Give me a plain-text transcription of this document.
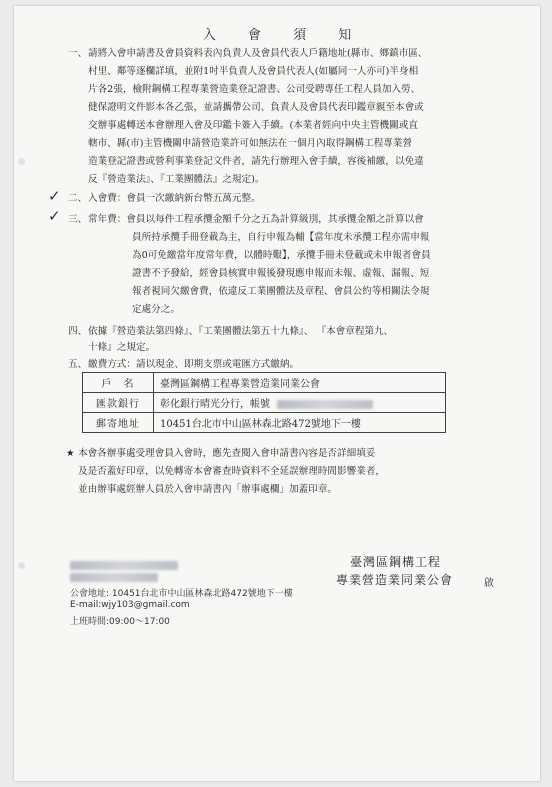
入 會 須 知
一、 請將入會申請書及會員資料表內負責人及會員代表人戶籍地址(縣市、鄉鎮市區、
村里、鄰等逐欄詳填，並附1吋半負責人及會員代表人(如屬同一人亦可)半身相
片各2張，檢附鋼構工程專業營造業登記證書、公司受聘專任工程人員加入勞、
健保證明文件影本各乙張，並請攜帶公司、負責人及會員代表印鑑章親至本會或
交辦事處轉送本會辦理入會及印鑑卡簽入手續。(本業者經向中央主管機關或直
轄市、縣(市)主管機關申請營造業許可如無法在一個月內取得鋼構工程專業營
造業登記證書或營利事業登記文件者，請先行辦理入會手續，容後補繳，以免違
反『營造業法』、『工業團體法』之規定)。
✓ 二、 入會費：會員一次繳納新台幣五萬元整。
✓ 三、 常年費：會員以每件工程承攬金額千分之五為計算級別，其承攬金額之計算以會
員所持承攬手冊登載為主，自行申報為輔【當年度未承攬工程亦需申報
為0可免繳當年度常年費，以體時艱】，承攬手冊未登載或未申報者會員
證書不予發給，經會員核實申報後發現應申報而未報、虛報、漏報、短
報者視同欠繳會費，依違反工業團體法及章程、會員公約等相關法令規
定處分之。
四、 依據『營造業法第四條』、『工業團體法第五十九條』、 『本會章程第九、
十條』之規定。
五、 繳費方式：請以現金、即期支票或電匯方式繳納。
戶　名	臺灣區鋼構工程專業營造業同業公會
匯款銀行	彰化銀行晴光分行，帳號
郵寄地址	10451台北市中山區林森北路472號地下一樓
★ 本會各辦事處受理會員入會時，應先查閱入會申請書內容是否詳細填妥
及是否蓋好印章，以免轉寄本會審查時資料不全延誤辦理時間影響業者，
並由辦事處經辦人員於入會申請書內「辦事處欄」加蓋印章。
公會地址: 10451台北市中山區林森北路472號地下一樓
E-mail:wjy103@gmail.com
上班時間:09:00～17:00
臺灣區鋼構工程
專業營造業同業公會	啟
